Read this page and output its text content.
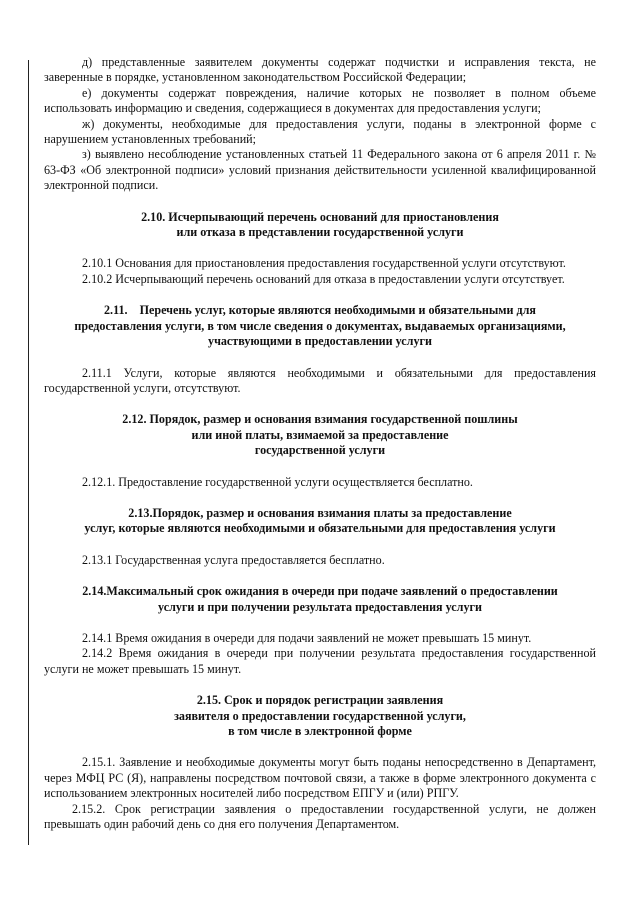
д) представленные заявителем документы содержат подчистки и исправления текста, не заверенные в порядке, установленном законодательством Российской Федерации;

е) документы содержат повреждения, наличие которых не позволяет в полном объеме использовать информацию и сведения, содержащиеся в документах для предоставления услуги;

ж) документы, необходимые для предоставления услуги, поданы в электронной форме с нарушением установленных требований;

з) выявлено несоблюдение установленных статьей 11 Федерального закона от 6 апреля 2011 г. № 63-ФЗ «Об электронной подписи» условий признания действительности усиленной квалифицированной электронной подписи.

2.10. Исчерпывающий перечень оснований для приостановления
или отказа в представлении государственной услуги

2.10.1 Основания для приостановления предоставления государственной услуги отсутствуют.

2.10.2 Исчерпывающий перечень оснований для отказа в предоставлении услуги отсутствует.

2.11.    Перечень услуг, которые являются необходимыми и обязательными для
предоставления услуги, в том числе сведения о документах, выдаваемых организациями,
участвующими в предоставлении услуги

2.11.1 Услуги, которые являются необходимыми и обязательными для предоставления государственной услуги, отсутствуют.

2.12. Порядок, размер и основания взимания государственной пошлины
или иной платы, взимаемой за предоставление
государственной услуги

2.12.1. Предоставление государственной услуги осуществляется бесплатно.

2.13.Порядок, размер и основания взимания платы за предоставление
услуг, которые являются необходимыми и обязательными для предоставления услуги

2.13.1 Государственная услуга предоставляется бесплатно.

2.14.Максимальный срок ожидания в очереди при подаче заявлений о предоставлении
услуги и при получении результата предоставления услуги

2.14.1 Время ожидания в очереди для подачи заявлений не может превышать 15 минут.

2.14.2 Время ожидания в очереди при получении результата предоставления государственной услуги не может превышать 15 минут.

2.15. Срок и порядок регистрации заявления
заявителя о предоставлении государственной услуги,
в том числе в электронной форме

2.15.1. Заявление и необходимые документы могут быть поданы непосредственно в Департамент, через МФЦ РС (Я), направлены посредством почтовой связи, а также в форме электронного документа с использованием электронных носителей либо посредством ЕПГУ и (или) РПГУ.

2.15.2. Срок регистрации заявления о предоставлении государственной услуги, не должен превышать один рабочий день со дня его получения Департаментом.
